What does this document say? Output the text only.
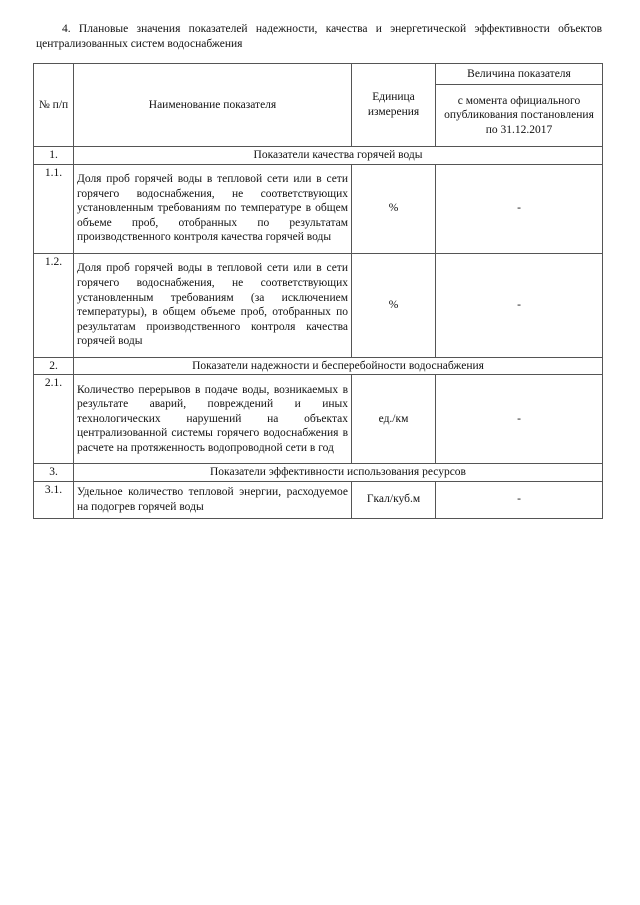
4. Плановые значения показателей надежности, качества и энергетической эффективности объектов централизованных систем водоснабжения
№ п/п	Наименование показателя	Единица измерения	Величина показателя
			с момента официального опубликования постановления по 31.12.2017
1.	Показатели качества горячей воды		
1.1.	Доля проб горячей воды в тепловой сети или в сети горячего водоснабжения, не соответствующих установленным требованиям по температуре в общем объеме проб, отобранных по результатам производственного контроля качества горячей воды	%	-
1.2.	Доля проб горячей воды в тепловой сети или в сети горячего водоснабжения, не соответствующих установленным требованиям (за исключением температуры), в общем объеме проб, отобранных по результатам производственного контроля качества горячей воды	%	-
2.	Показатели надежности и бесперебойности водоснабжения		
2.1.	Количество перерывов в подаче воды, возникаемых в результате аварий, повреждений и иных технологических нарушений на объектах централизованной системы горячего водоснабжения в расчете на протяженность водопроводной сети в год	ед./км	-
3.	Показатели эффективности использования ресурсов		
3.1.	Удельное количество тепловой энергии, расходуемое на подогрев горячей воды	Гкал/куб.м	-
